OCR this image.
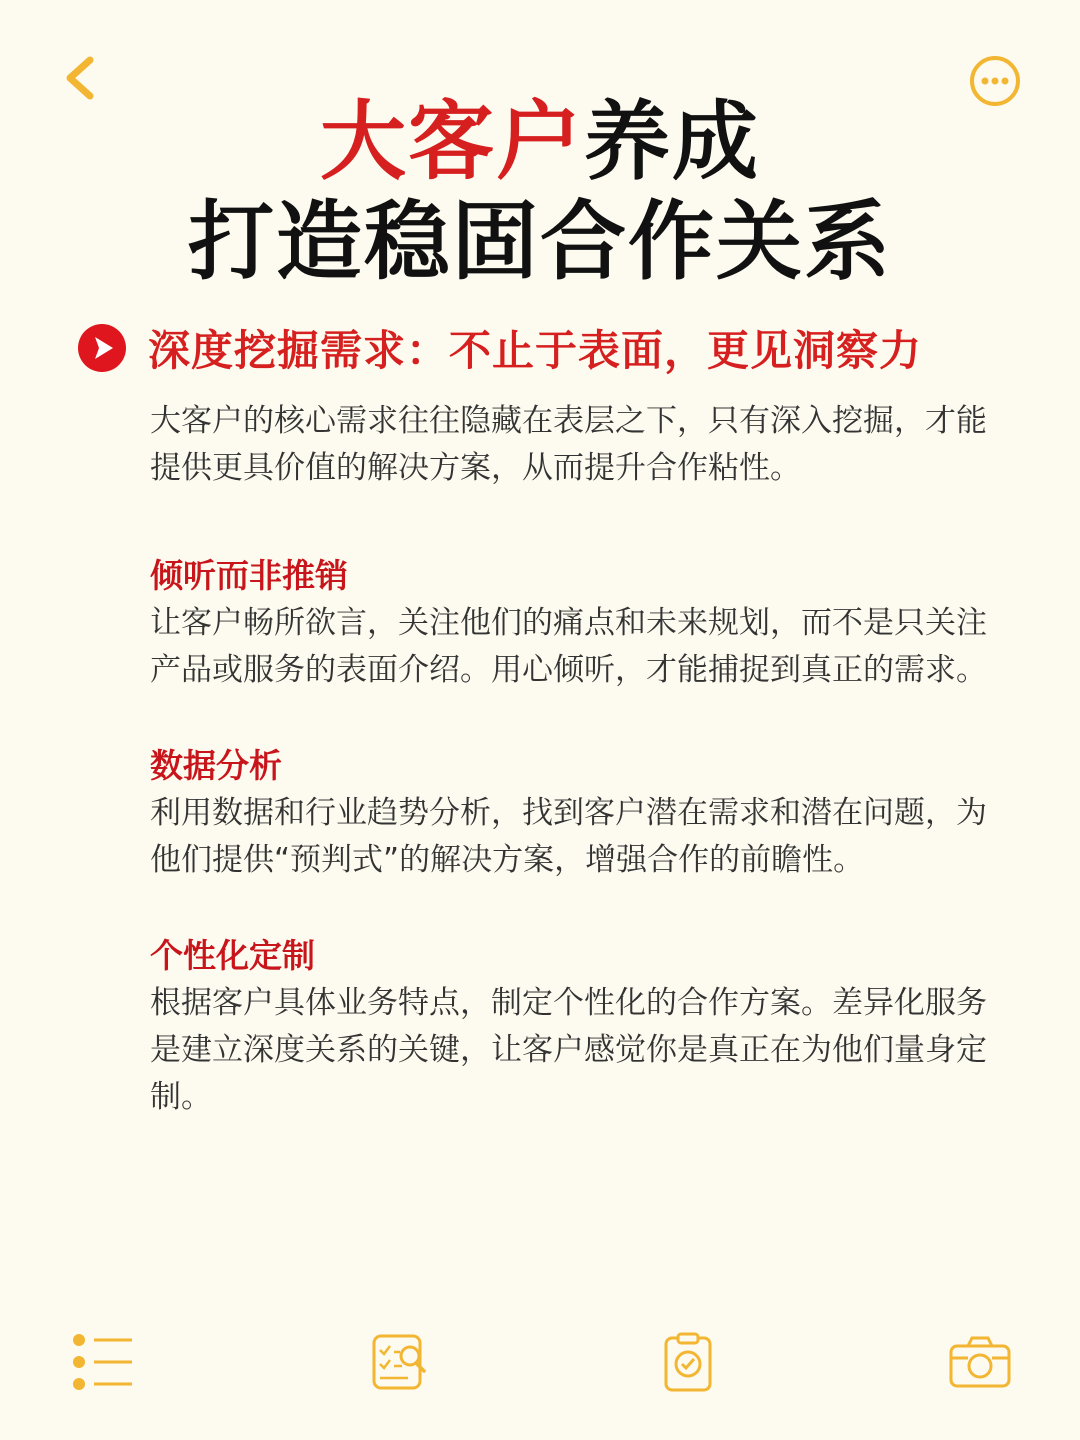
大客户养成
打造稳固合作关系
深度挖掘需求：不止于表面，更见洞察力

大客户的核心需求往往隐藏在表层之下，只有深入挖掘，才能提供更具价值的解决方案，从而提升合作粘性。

倾听而非推销

让客户畅所欲言，关注他们的痛点和未来规划，而不是只关注产品或服务的表面介绍。用心倾听，才能捕捉到真正的需求。

数据分析

利用数据和行业趋势分析，找到客户潜在需求和潜在问题，为他们提供“预判式”的解决方案，增强合作的前瞻性。

个性化定制

根据客户具体业务特点，制定个性化的合作方案。差异化服务是建立深度关系的关键，让客户感觉你是真正在为他们量身定制。
